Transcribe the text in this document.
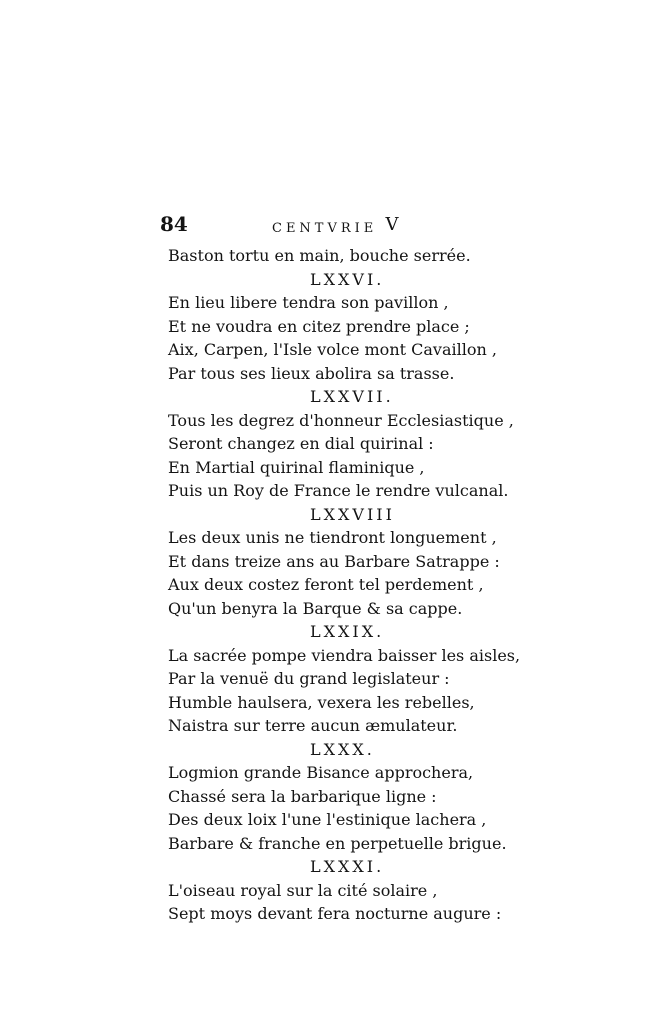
84	CENTVRIE V
Baston tortu en main, bouche serrée.
LXXVI.
En lieu libere tendra son pavillon ,
Et ne voudra en citez prendre place ;
Aix, Carpen, l'Isle volce mont Cavaillon ,
Par tous ses lieux abolira sa trasse.
LXXVII.
Tous les degrez d'honneur Ecclesiastique ,
Seront changez en dial quirinal :
En Martial quirinal flaminique ,
Puis un Roy de France le rendre vulcanal.
LXXVIII
Les deux unis ne tiendront longuement ,
Et dans treize ans au Barbare Satrappe :
Aux deux costez feront tel perdement ,
Qu'un benyra la Barque & sa cappe.
LXXIX.
La sacrée pompe viendra baisser les aisles,
Par la venuë du grand legislateur :
Humble haulsera, vexera les rebelles,
Naistra sur terre aucun æmulateur.
LXXX.
Logmion grande Bisance approchera,
Chassé sera la barbarique ligne :
Des deux loix l'une l'estinique lachera ,
Barbare & franche en perpetuelle brigue.
LXXXI.
L'oiseau royal sur la cité solaire ,
Sept moys devant fera nocturne augure :
